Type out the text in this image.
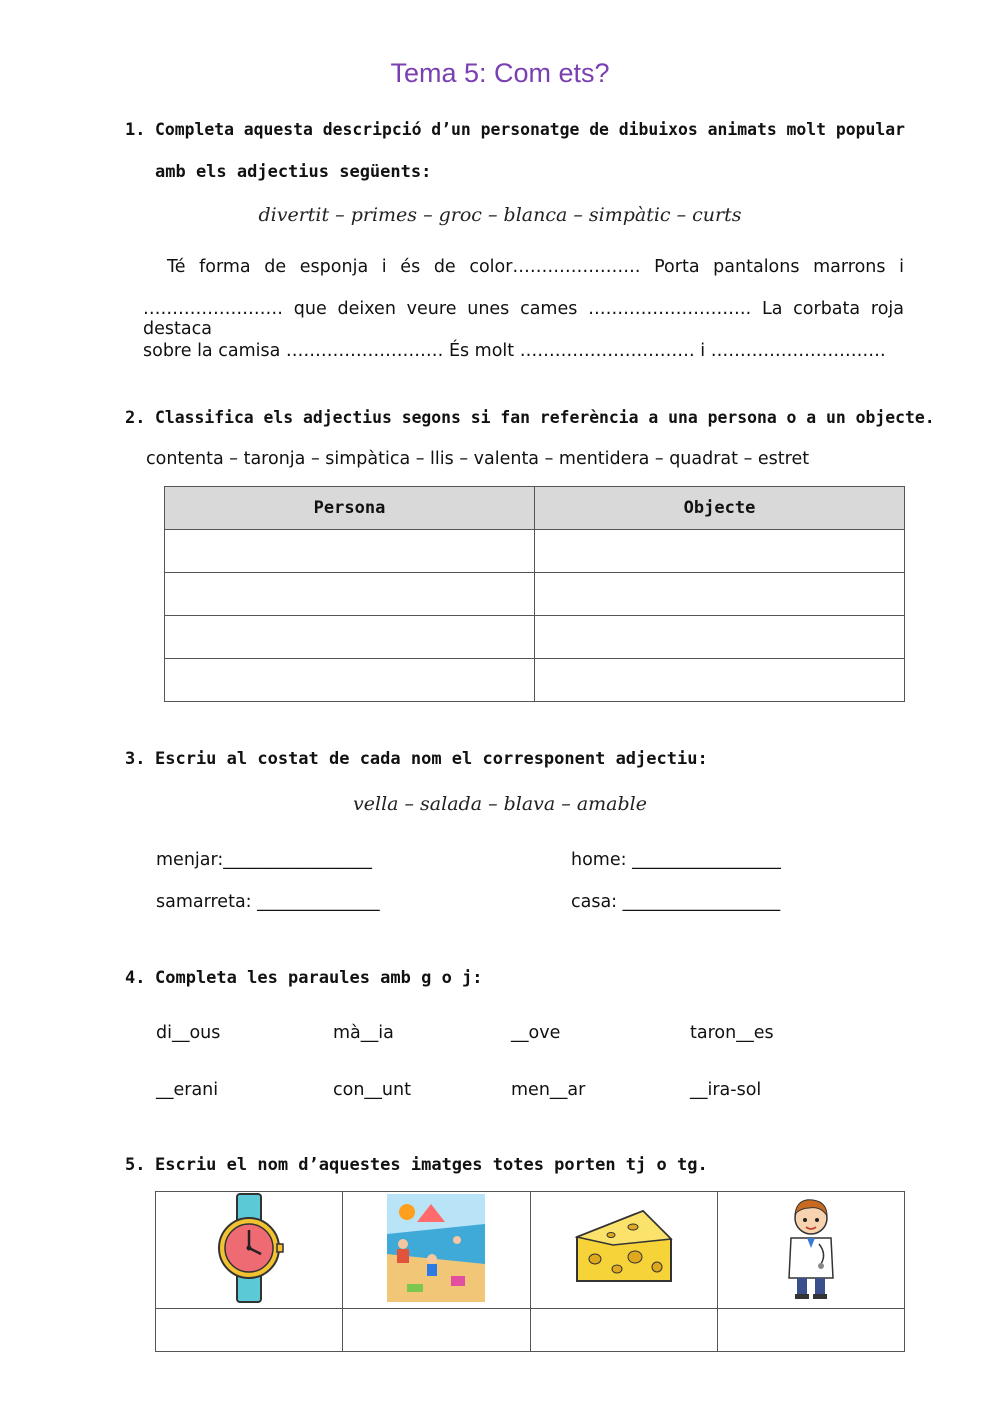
Tema 5: Com ets?
1. Completa aquesta descripció d’un personatge de dibuixos animats molt popular
amb els adjectius següents:
divertit – primes – groc – blanca – simpàtic – curts
Té forma de esponja i és de color…………………. Porta pantalons marrons i
…………………… que deixen veure unes cames ………………………. La corbata roja destaca
sobre la camisa ……………………… És molt ………………………… i …………………………
2. Classifica els adjectius segons si fan referència a una persona o a un objecte.
contenta – taronja – simpàtica – llis – valenta – mentidera – quadrat – estret
Persona	Objecte

3. Escriu al costat de cada nom el corresponent adjectiu:
vella – salada – blava – amable
menjar:_________________	home: _________________
samarreta: ______________	casa: __________________
4. Completa les paraules amb g o j:
di__ous	mà__ia	__ove	taron__es
__erani	con__unt	men__ar	__ira-sol
5. Escriu el nom d’aquestes imatges totes porten tj o tg.
